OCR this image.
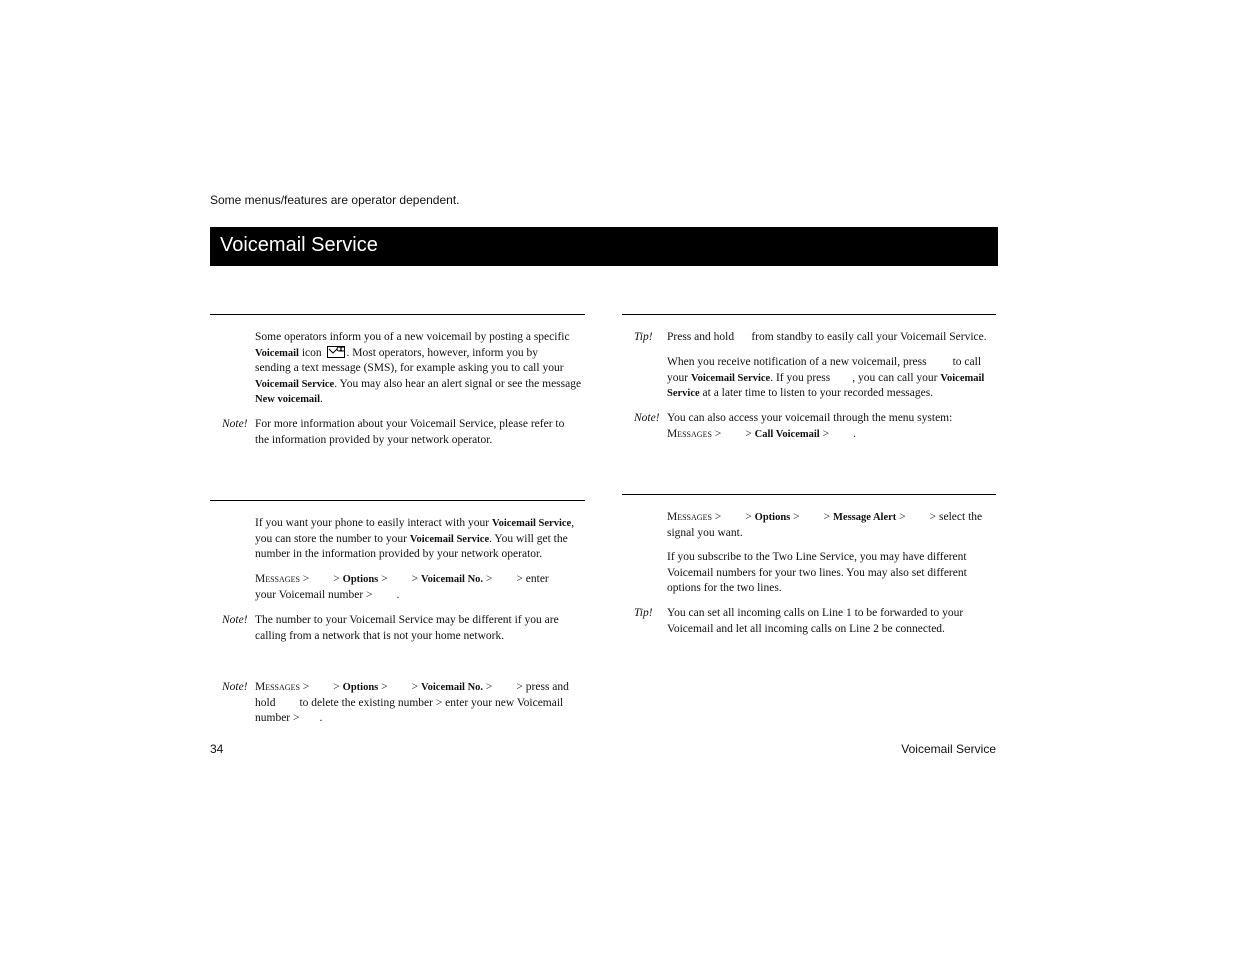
Some menus/features are operator dependent.
Voicemail Service
Some operators inform you of a new voicemail by posting a specific
Voicemail icon . Most operators, however, inform you by
sending a text message (SMS), for example asking you to call your
Voicemail Service. You may also hear an alert signal or see the message
New voicemail.
Note! For more information about your Voicemail Service, please refer to
the information provided by your network operator.
If you want your phone to easily interact with your Voicemail Service,
you can store the number to your Voicemail Service. You will get the
number in the information provided by your network operator.
Messages > > Options > > Voicemail No. > > enter
your Voicemail number > .
Note! The number to your Voicemail Service may be different if you are
calling from a network that is not your home network.
Note! Messages > > Options > > Voicemail No. > > press and
hold to delete the existing number > enter your new Voicemail
number > .
Tip! Press and hold      from standby to easily call your Voicemail Service.
When you receive notification of a new voicemail, press to call
your Voicemail Service. If you press , you can call your Voicemail
Service at a later time to listen to your recorded messages.
Note! You can also access your voicemail through the menu system:
Messages > > Call Voicemail > .
Messages > > Options > > Message Alert > > select the
signal you want.
If you subscribe to the Two Line Service, you may have different
Voicemail numbers for your two lines. You may also set different
options for the two lines.
Tip! You can set all incoming calls on Line 1 to be forwarded to your
Voicemail and let all incoming calls on Line 2 be connected.
34	Voicemail Service
